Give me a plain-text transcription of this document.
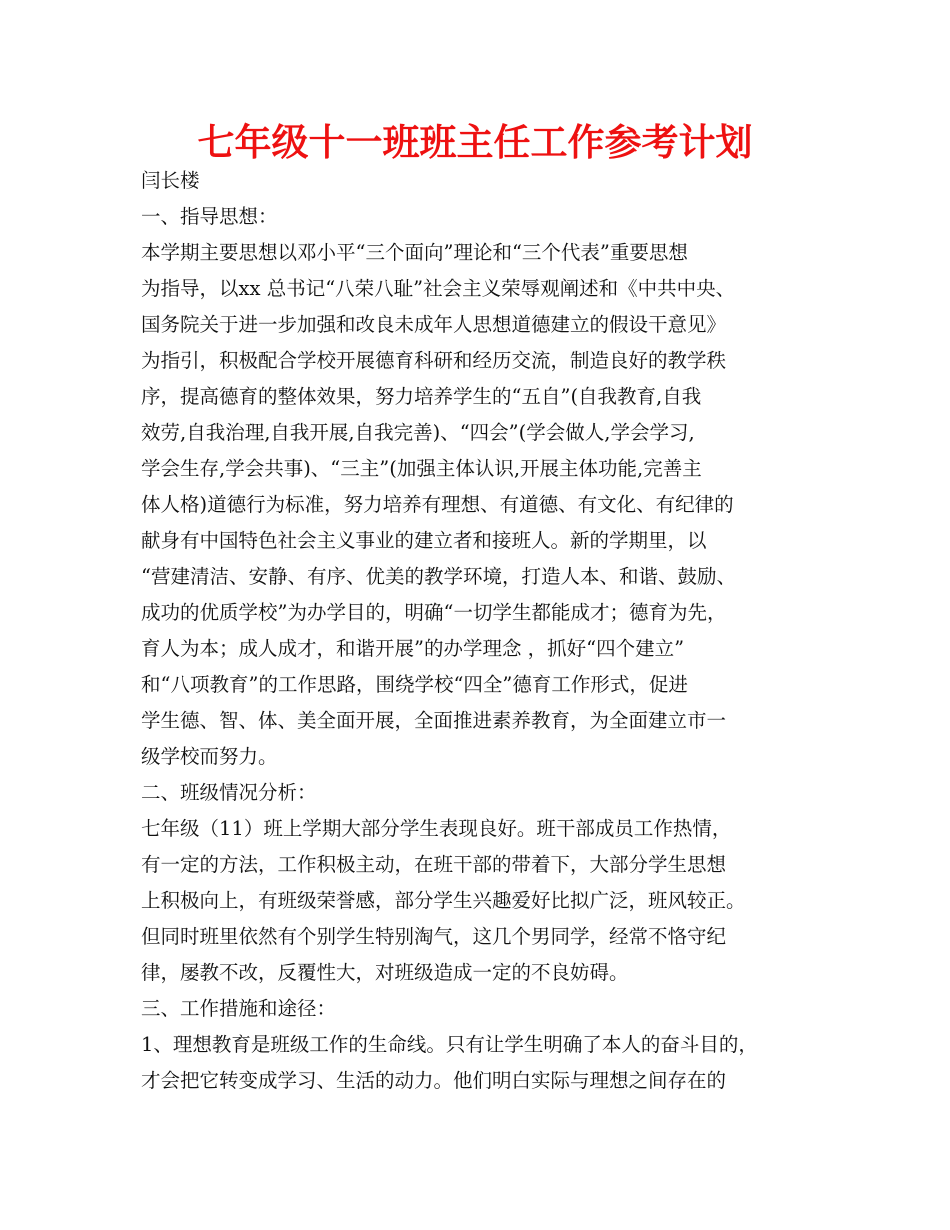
七年级十一班班主任工作参考计划
闫长楼
一、指导思想：
本学期主要思想以邓小平“三个面向”理论和“三个代表”重要思想
为指导，以xx 总书记“八荣八耻”社会主义荣辱观阐述和《中共中央、
国务院关于进一步加强和改良未成年人思想道德建立的假设干意见》
为指引，积极配合学校开展德育科研和经历交流，制造良好的教学秩
序，提高德育的整体效果，努力培养学生的“五自”(自我教育,自我
效劳,自我治理,自我开展,自我完善)、“四会”(学会做人,学会学习,
学会生存,学会共事)、“三主”(加强主体认识,开展主体功能,完善主
体人格)道德行为标准，努力培养有理想、有道德、有文化、有纪律的
献身有中国特色社会主义事业的建立者和接班人。新的学期里，以
“营建清洁、安静、有序、优美的教学环境，打造人本、和谐、鼓励、
成功的优质学校”为办学目的，明确“一切学生都能成才；德育为先，
育人为本；成人成才，和谐开展”的办学理念 ，抓好“四个建立”
和“八项教育”的工作思路，围绕学校“四全”德育工作形式，促进
学生德、智、体、美全面开展，全面推进素养教育，为全面建立市一
级学校而努力。
二、班级情况分析：
七年级（11）班上学期大部分学生表现良好。班干部成员工作热情，
有一定的方法，工作积极主动，在班干部的带着下，大部分学生思想
上积极向上，有班级荣誉感，部分学生兴趣爱好比拟广泛，班风较正。
但同时班里依然有个别学生特别淘气，这几个男同学，经常不恪守纪
律，屡教不改，反覆性大，对班级造成一定的不良妨碍。
三、工作措施和途径：
1、理想教育是班级工作的生命线。只有让学生明确了本人的奋斗目的，
才会把它转变成学习、生活的动力。他们明白实际与理想之间存在的
